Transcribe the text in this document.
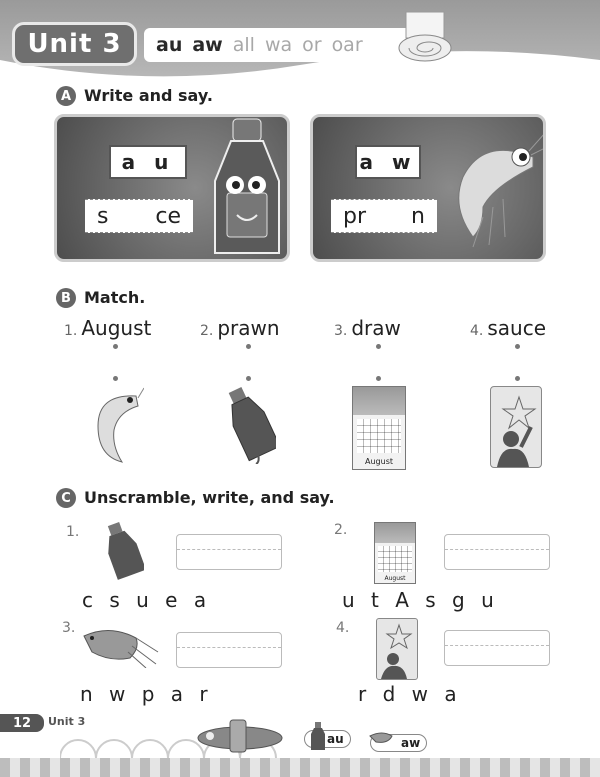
Unit 3	au aw all wa or oar
A Write and say.
a u
s ce
a w
pr n
B Match.
1. August	2. prawn	3. draw	4. sauce
August
C Unscramble, write, and say.
1.
c s u e a
2.
August
u t A s g u
3.
n w p a r
4.
r d w a
12	Unit 3
au	aw
